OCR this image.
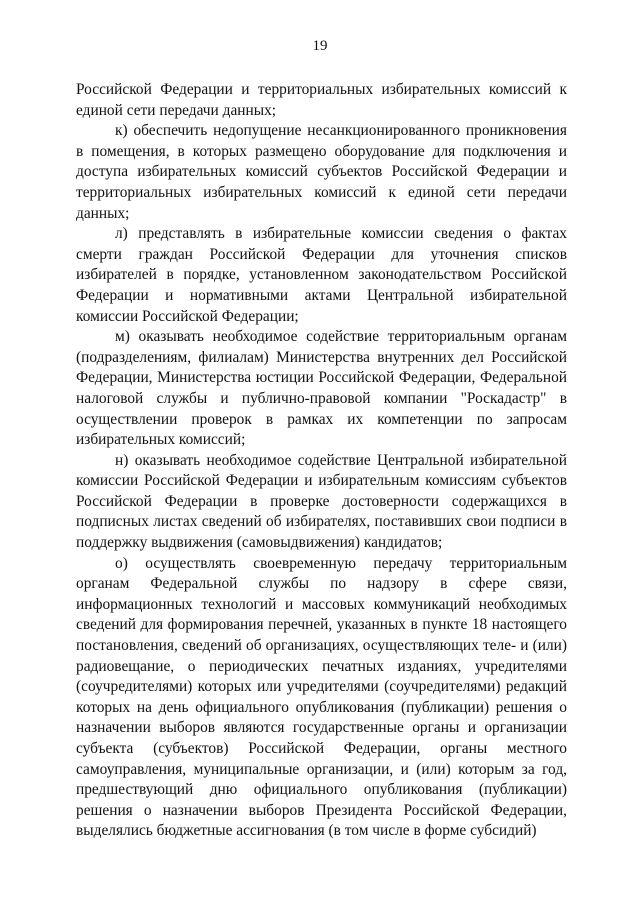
19

Российской Федерации и территориальных избирательных комиссий к единой сети передачи данных;

к) обеспечить недопущение несанкционированного проникновения в помещения, в которых размещено оборудование для подключения и доступа избирательных комиссий субъектов Российской Федерации и территориальных избирательных комиссий к единой сети передачи данных;

л) представлять в избирательные комиссии сведения о фактах смерти граждан Российской Федерации для уточнения списков избирателей в порядке, установленном законодательством Российской Федерации и нормативными актами Центральной избирательной комиссии Российской Федерации;

м) оказывать необходимое содействие территориальным органам (подразделениям, филиалам) Министерства внутренних дел Российской Федерации, Министерства юстиции Российской Федерации, Федеральной налоговой службы и публично-правовой компании "Роскадастр" в осуществлении проверок в рамках их компетенции по запросам избирательных комиссий;

н) оказывать необходимое содействие Центральной избирательной комиссии Российской Федерации и избирательным комиссиям субъектов Российской Федерации в проверке достоверности содержащихся в подписных листах сведений об избирателях, поставивших свои подписи в поддержку выдвижения (самовыдвижения) кандидатов;

о) осуществлять своевременную передачу территориальным органам Федеральной службы по надзору в сфере связи, информационных технологий и массовых коммуникаций необходимых сведений для формирования перечней, указанных в пункте 18 настоящего постановления, сведений об организациях, осуществляющих теле- и (или) радиовещание, о периодических печатных изданиях, учредителями (соучредителями) которых или учредителями (соучредителями) редакций которых на день официального опубликования (публикации) решения о назначении выборов являются государственные органы и организации субъекта (субъектов) Российской Федерации, органы местного самоуправления, муниципальные организации, и (или) которым за год, предшествующий дню официального опубликования (публикации) решения о назначении выборов Президента Российской Федерации, выделялись бюджетные ассигнования (в том числе в форме субсидий)
